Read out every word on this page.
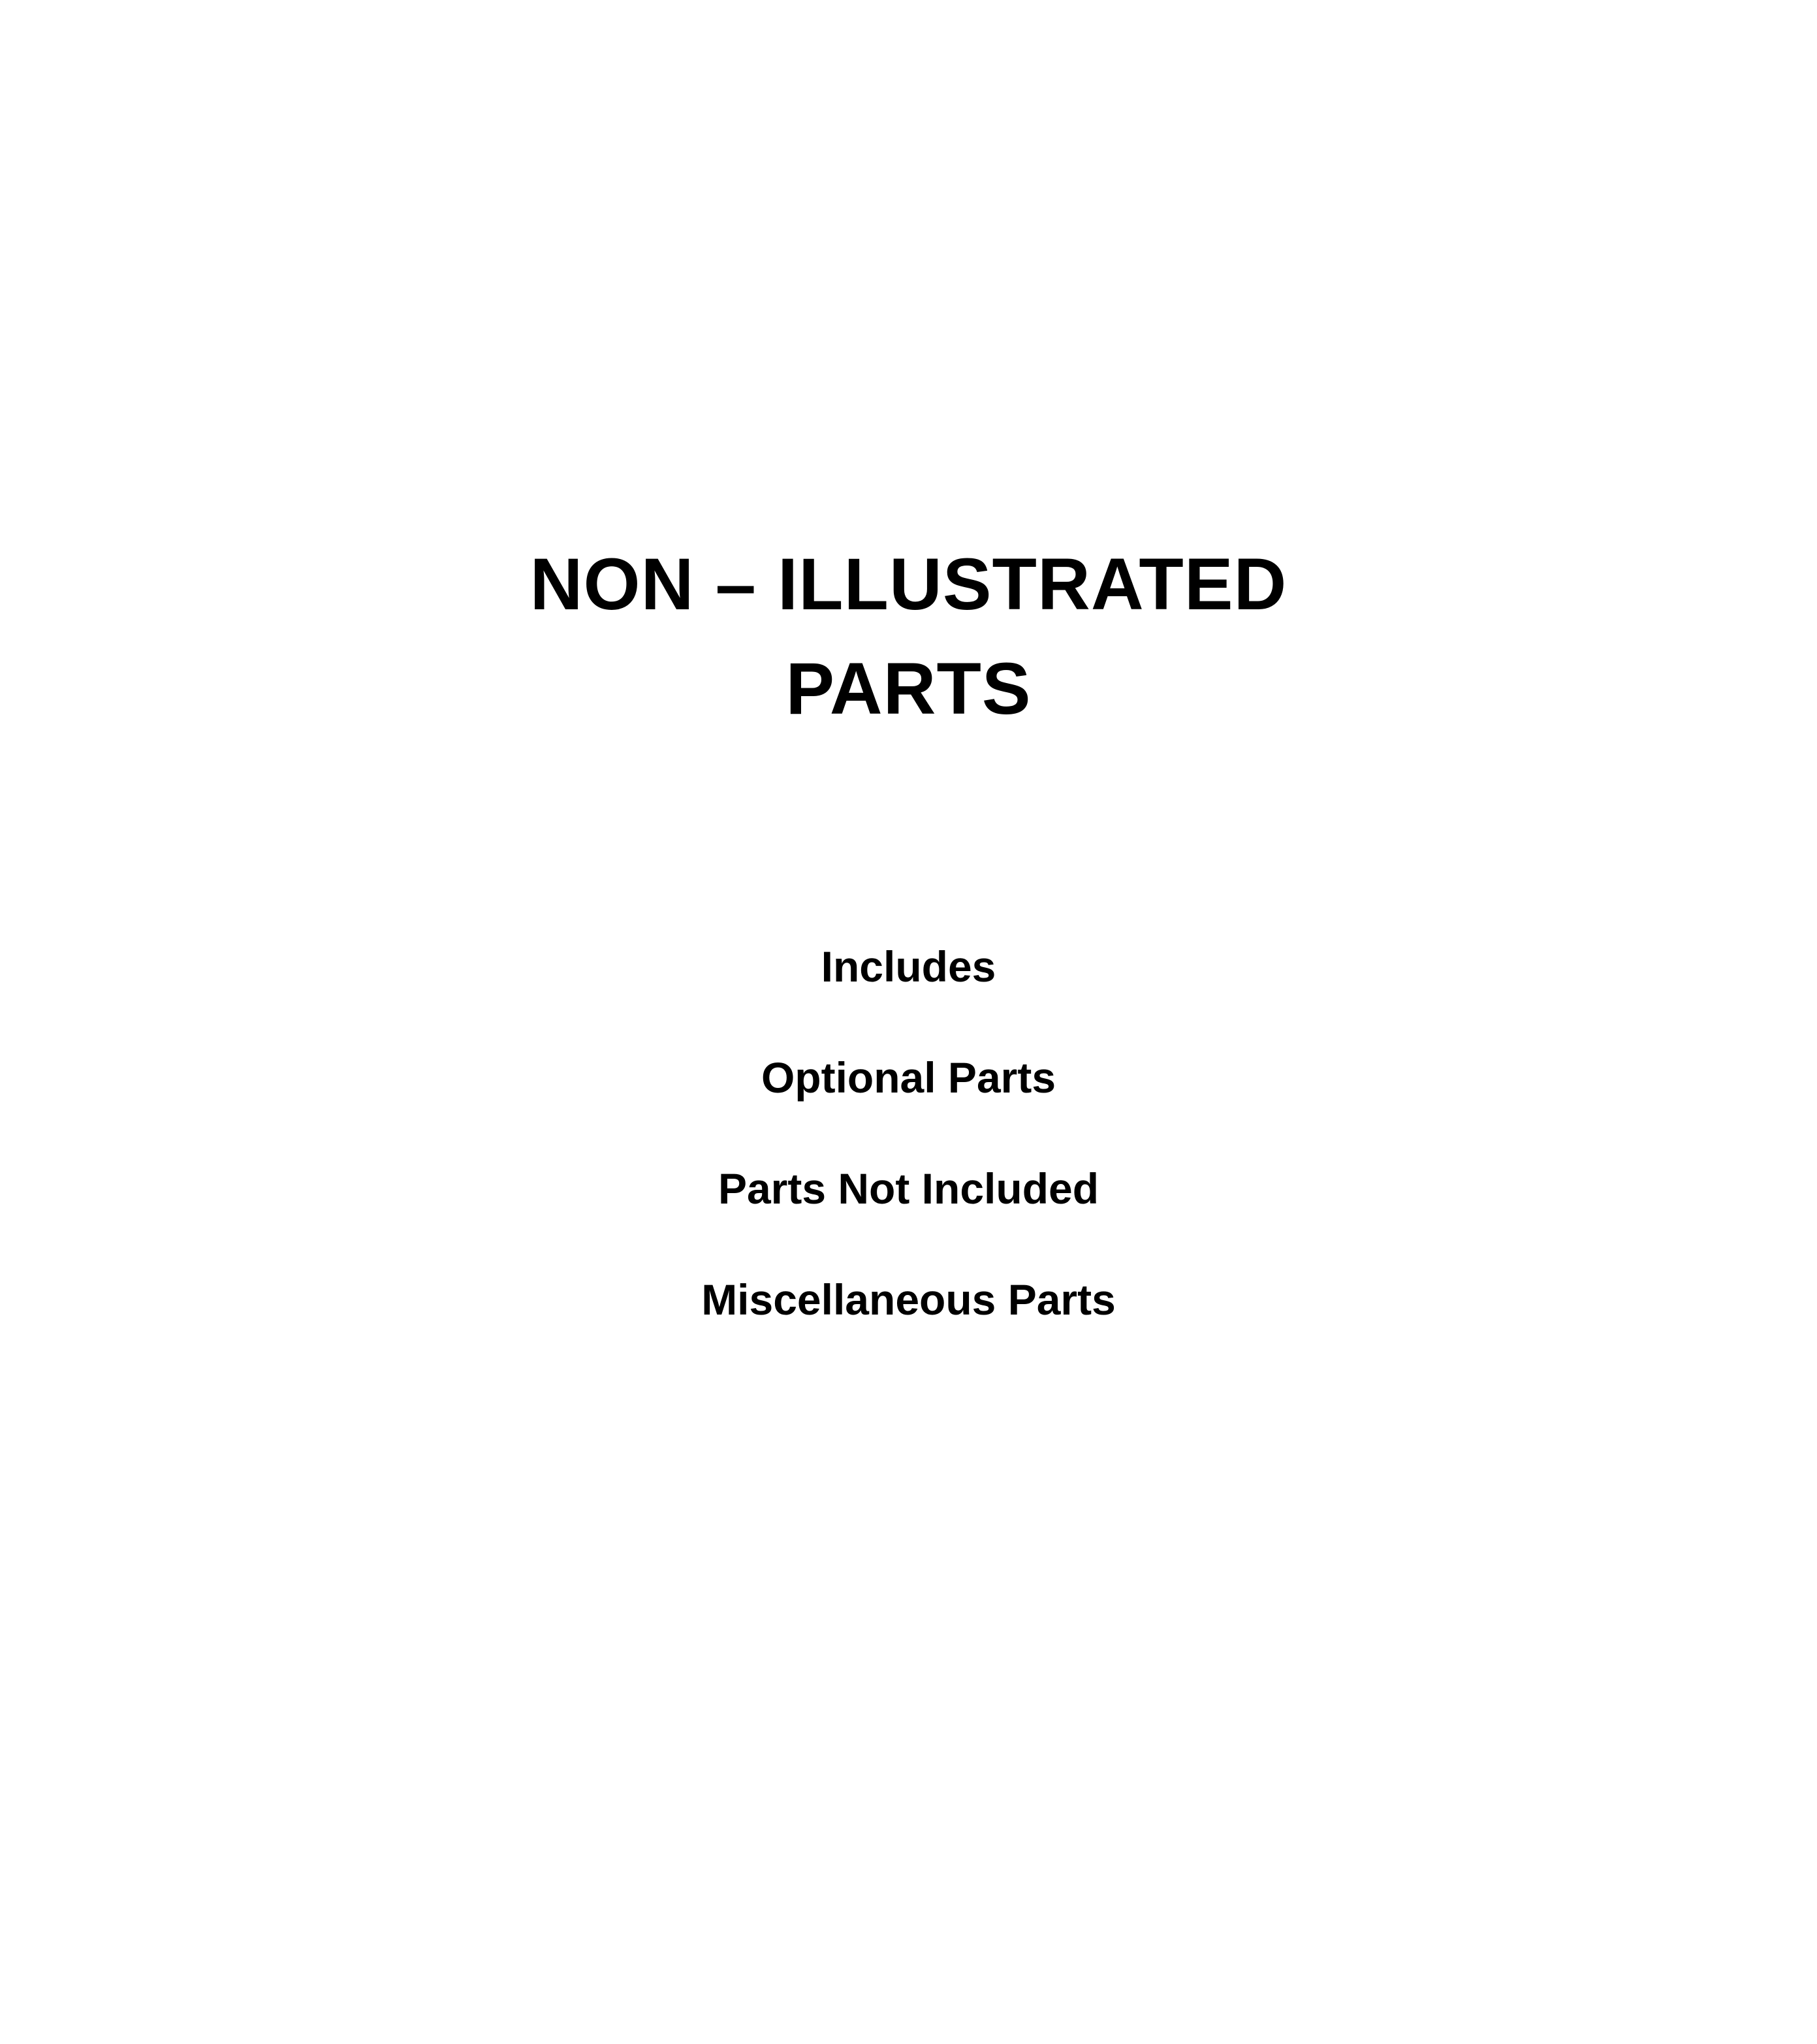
NON – ILLUSTRATED
PARTS
Includes
Optional Parts
Parts Not Included
Miscellaneous Parts
